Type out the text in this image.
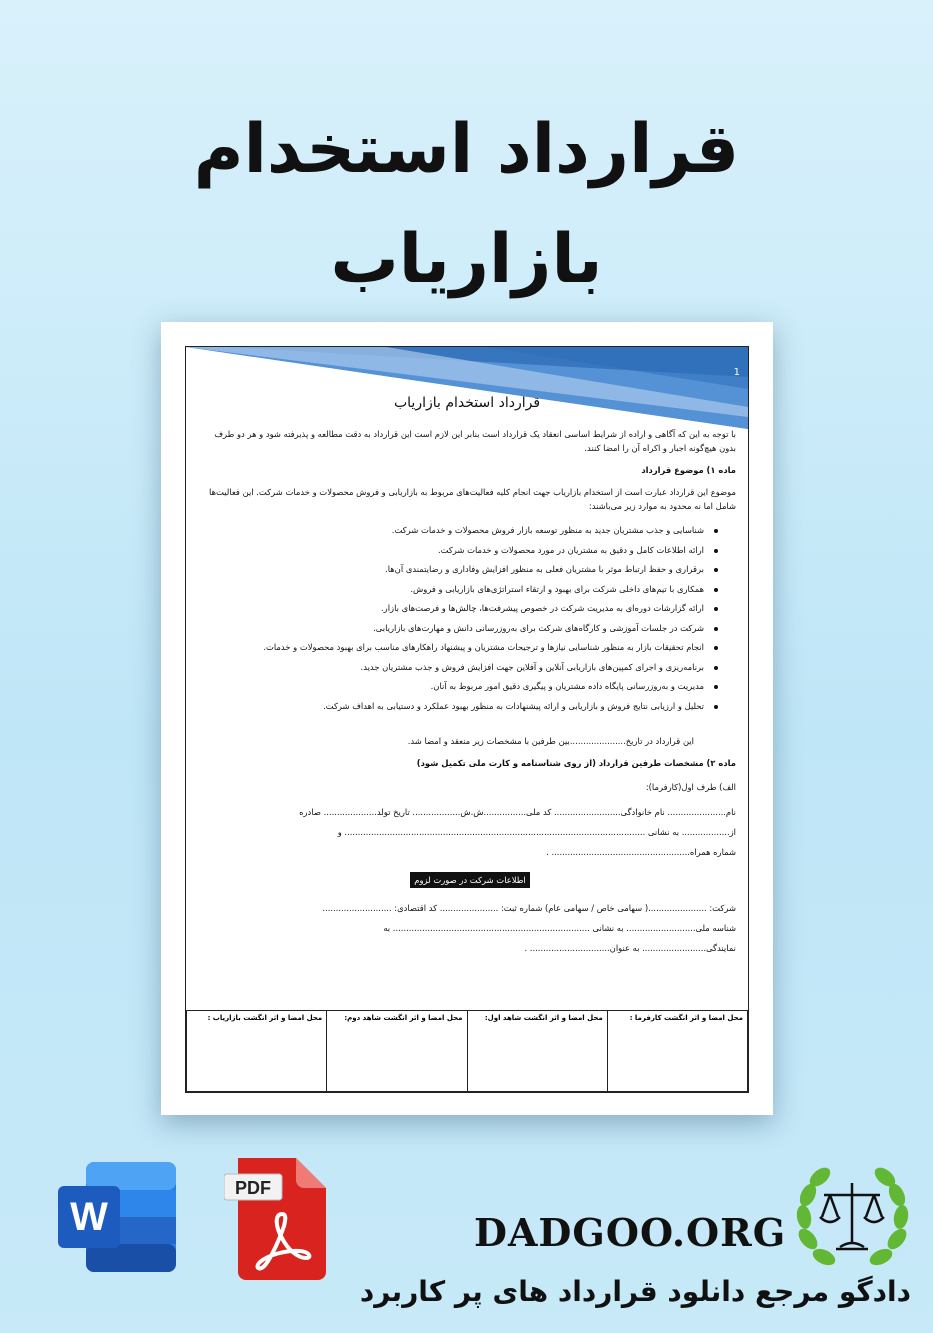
قرارداد استخدام
بازاریاب
1
قرارداد استخدام بازاریاب

با توجه به این که آگاهی و اراده از شرایط اساسی انعقاد یک قرارداد است بنابر این لازم است این قرارداد به دقت مطالعه و پذیرفته شود و هر دو طرف بدون هیچ‌گونه اجبار و اکراه آن را امضا کنند.

ماده ۱) موضوع قرارداد

موضوع این قرارداد عبارت است از استخدام بازاریاب جهت انجام کلیه فعالیت‌های مربوط به بازاریابی و فروش محصولات و خدمات شرکت. این فعالیت‌ها شامل اما نه محدود به موارد زیر می‌باشند:

شناسایی و جذب مشتریان جدید به منظور توسعه بازار فروش محصولات و خدمات شرکت.
ارائه اطلاعات کامل و دقیق به مشتریان در مورد محصولات و خدمات شرکت.
برقراری و حفظ ارتباط موثر با مشتریان فعلی به منظور افزایش وفاداری و رضایتمندی آن‌ها.
همکاری با تیم‌های داخلی شرکت برای بهبود و ارتقاء استراتژی‌های بازاریابی و فروش.
ارائه گزارشات دوره‌ای به مدیریت شرکت در خصوص پیشرفت‌ها، چالش‌ها و فرصت‌های بازار.
شرکت در جلسات آموزشی و کارگاه‌های شرکت برای به‌روزرسانی دانش و مهارت‌های بازاریابی.
انجام تحقیقات بازار به منظور شناسایی نیازها و ترجیحات مشتریان و پیشنهاد راهکارهای مناسب برای بهبود محصولات و خدمات.
برنامه‌ریزی و اجرای کمپین‌های بازاریابی آنلاین و آفلاین جهت افزایش فروش و جذب مشتریان جدید.
مدیریت و به‌روزرسانی پایگاه داده مشتریان و پیگیری دقیق امور مربوط به آنان.
تحلیل و ارزیابی نتایج فروش و بازاریابی و ارائه پیشنهادات به منظور بهبود عملکرد و دستیابی به اهداف شرکت.

این قرارداد در تاریخ.....................بین طرفین با مشخصات زیر منعقد و امضا شد.

ماده ۲) مشخصات طرفین قرارداد (از روی شناسنامه و کارت ملی تکمیل شود)
الف) طرف اول(کارفرما):
نام...................... نام خانوادگی......................... کد ملی................ش.ش.................. تاریخ تولد.................... صادره
از.................. به نشانی ................................................................................................................. و
شماره همراه.................................................... .
اطلاعات شرکت در صورت لزوم
شرکت: ......................( سهامی خاص / سهامی عام) شماره ثبت: ...................... کد اقتصادی: ..........................
شناسه ملی.......................... به نشانی .......................................................................... به
نمایندگی........................ به عنوان.............................. .
محل امضا و اثر انگشت کارفرما :	محل امضا و اثر انگشت شاهد اول:	محل امضا و اثر انگشت شاهد دوم:	محل امضا و اثر انگشت بازاریاب :
W
PDF
DADGOO.ORG
دادگو مرجع دانلود قرارداد های پر کاربرد
